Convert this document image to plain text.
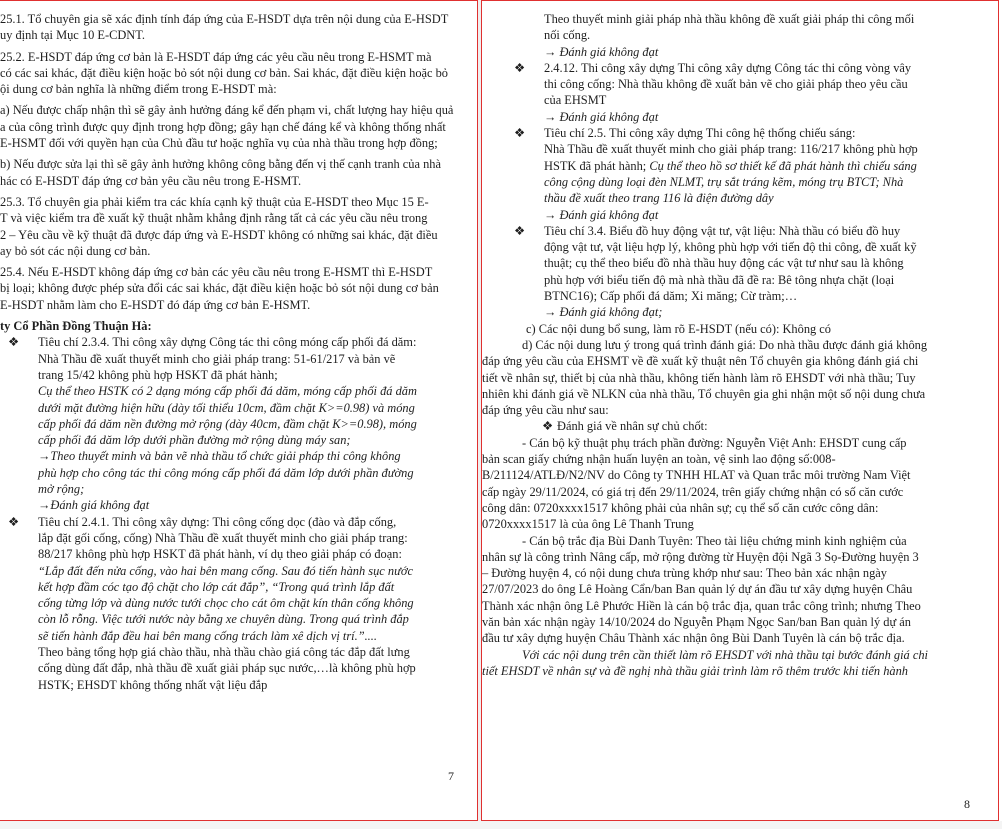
25.1. Tổ chuyên gia sẽ xác định tính đáp ứng của E-HSDT dựa trên nội dung của E-HSDT

uy định tại Mục 10 E-CDNT.

25.2. E-HSDT đáp ứng cơ bản là E-HSDT đáp ứng các yêu cầu nêu trong E-HSMT mà

có các sai khác, đặt điều kiện hoặc bỏ sót nội dung cơ bản. Sai khác, đặt điều kiện hoặc bỏ

ội dung cơ bản nghĩa là những điểm trong E-HSDT mà:

a) Nếu được chấp nhận thì sẽ gây ảnh hưởng đáng kể đến phạm vi, chất lượng hay hiệu quả

a của công trình được quy định trong hợp đồng; gây hạn chế đáng kể và không thống nhất

E-HSMT đối với quyền hạn của Chủ đầu tư hoặc nghĩa vụ của nhà thầu trong hợp đồng;

b) Nếu được sửa lại thì sẽ gây ảnh hưởng không công bằng đến vị thế cạnh tranh của nhà

hác có E-HSDT đáp ứng cơ bản yêu cầu nêu trong E-HSMT.

25.3. Tổ chuyên gia phải kiểm tra các khía cạnh kỹ thuật của E-HSDT theo Mục 15 E-

T và việc kiểm tra đề xuất kỹ thuật nhằm khẳng định rằng tất cả các yêu cầu nêu trong

2 – Yêu cầu về kỹ thuật đã được đáp ứng và E-HSDT không có những sai khác, đặt điều

ay bỏ sót các nội dung cơ bản.

25.4. Nếu E-HSDT không đáp ứng cơ bản các yêu cầu nêu trong E-HSMT thì E-HSDT

bị loại; không được phép sửa đổi các sai khác, đặt điều kiện hoặc bỏ sót nội dung cơ bản

E-HSDT nhằm làm cho E-HSDT đó đáp ứng cơ bản E-HSMT.

ty Cổ Phần Đồng Thuận Hà:

❖ Tiêu chí 2.3.4. Thi công xây dựng Công tác thi công móng cấp phối đá dăm:

Nhà Thầu đề xuất thuyết minh cho giải pháp trang: 51-61/217 và bản vẽ

trang 15/42 không phù hợp HSKT đã phát hành;

Cụ thể theo HSTK có 2 dạng móng cấp phối đá dăm, móng cấp phối đá dăm

dưới mặt đường hiện hữu (dày tối thiểu 10cm, đầm chặt K>=0.98) và móng

cấp phối đá dăm nền đường mở rộng (dày 40cm, đầm chặt K>=0.98), móng

cấp phối đá dăm lớp dưới phần đường mở rộng dùng máy san;

→Theo thuyết minh và bản vẽ nhà thầu tổ chức giải pháp thi công không

phù hợp cho công tác thi công móng cấp phối đá dăm lớp dưới phần đường

mở rộng;

→Đánh giá không đạt

❖ Tiêu chí 2.4.1. Thi công xây dựng: Thi công cống dọc (đào và đắp cống,

lắp đặt gối cống, cống) Nhà Thầu đề xuất thuyết minh cho giải pháp trang:

88/217 không phù hợp HSKT đã phát hành, ví dụ theo giải pháp có đoạn:

“Lắp đất đến nửa cống, vào hai bên mang cống. Sau đó tiến hành sục nước

kết hợp đầm cóc tạo độ chặt cho lớp cát đắp”, “Trong quá trình lắp đất

cống từng lớp và dùng nước tưới chọc cho cát ôm chặt kín thân cống không

còn lỗ rỗng. Việc tưới nước này bằng xe chuyên dùng. Trong quá trình đắp

sẽ tiến hành đắp đều hai bên mang cống trách làm xê dịch vị trí.”....

Theo bảng tổng hợp giá chào thầu, nhà thầu chào giá công tác đắp đất lưng

cống dùng đất đắp, nhà thầu đề xuất giải pháp sục nước,…là không phù hợp

HSTK; EHSDT không thống nhất vật liệu đắp

7

Theo thuyết minh giải pháp nhà thầu không đề xuất giải pháp thi công mối

nối cống.

→ Đánh giá không đạt

❖ 2.4.12. Thi công xây dựng Thi công xây dựng Công tác thi công vòng vây

thi công cống: Nhà thầu không đề xuất bản vẽ cho giải pháp theo yêu cầu

của EHSMT

→ Đánh giá không đạt

❖ Tiêu chí 2.5. Thi công xây dựng Thi công hệ thống chiếu sáng:

Nhà Thầu đề xuất thuyết minh cho giải pháp trang: 116/217 không phù hợp

HSTK đã phát hành; Cụ thể theo hồ sơ thiết kế đã phát hành thì chiếu sáng

công cộng dùng loại đèn NLMT, trụ sắt tráng kẽm, móng trụ BTCT; Nhà

thầu đề xuất theo trang 116 là điện đường dây

→ Đánh giá không đạt

❖ Tiêu chí 3.4. Biểu đồ huy động vật tư, vật liệu: Nhà thầu có biểu đồ huy

động vật tư, vật liệu hợp lý, không phù hợp với tiến độ thi công, đề xuất kỹ

thuật; cụ thể theo biểu đồ nhà thầu huy động các vật tư như sau là không

phù hợp với biểu tiến độ mà nhà thầu đã đề ra: Bê tông nhựa chặt (loại

BTNC16); Cấp phối đá dăm; Xi măng; Cừ tràm;…

→ Đánh giá không đạt;

c) Các nội dung bổ sung, làm rõ E-HSDT (nếu có): Không có

d) Các nội dung lưu ý trong quá trình đánh giá: Do nhà thầu được đánh giá không

đáp ứng yêu cầu của EHSMT về đề xuất kỹ thuật nên Tổ chuyên gia không đánh giá chi

tiết về nhân sự, thiết bị của nhà thầu, không tiến hành làm rõ EHSDT với nhà thầu; Tuy

nhiên khi đánh giá về NLKN của nhà thầu, Tổ chuyên gia ghi nhận một số nội dung chưa

đáp ứng yêu cầu như sau:

❖ Đánh giá về nhân sự chủ chốt:

- Cán bộ kỹ thuật phụ trách phần đường: Nguyễn Việt Anh: EHSDT cung cấp

bản scan giấy chứng nhận huấn luyện an toàn, vệ sinh lao động số:008-

B/211124/ATLĐ/N2/NV do Công ty TNHH HLAT và Quan trắc môi trường Nam Việt

cấp ngày 29/11/2024, có giá trị đến 29/11/2024, trên giấy chứng nhận có số căn cước

công dân: 0720xxxx1517 không phải của nhân sự; cụ thể số căn cước công dân:

0720xxxx1517 là của ông Lê Thanh Trung

- Cán bộ trắc địa Bùi Danh Tuyên: Theo tài liệu chứng minh kinh nghiệm của

nhân sự là công trình Nâng cấp, mở rộng đường từ Huyện đội Ngã 3 Sọ-Đường huyện 3

– Đường huyện 4, có nội dung chưa trùng khớp như sau: Theo bản xác nhận ngày

27/07/2023 do ông Lê Hoàng Cẩn/ban Ban quản lý dự án đầu tư xây dựng huyện Châu

Thành xác nhận ông Lê Phước Hiền là cán bộ trắc địa, quan trắc công trình; nhưng Theo

văn bản xác nhận ngày 14/10/2024 do Nguyễn Phạm Ngọc San/ban Ban quản lý dự án

đầu tư xây dựng huyện Châu Thành xác nhận ông Bùi Danh Tuyên là cán bộ trắc địa.

Với các nội dung trên cần thiết làm rõ EHSDT với nhà thầu tại bước đánh giá chi

tiết EHSDT về nhân sự và đề nghị nhà thầu giải trình làm rõ thêm trước khi tiến hành

8
